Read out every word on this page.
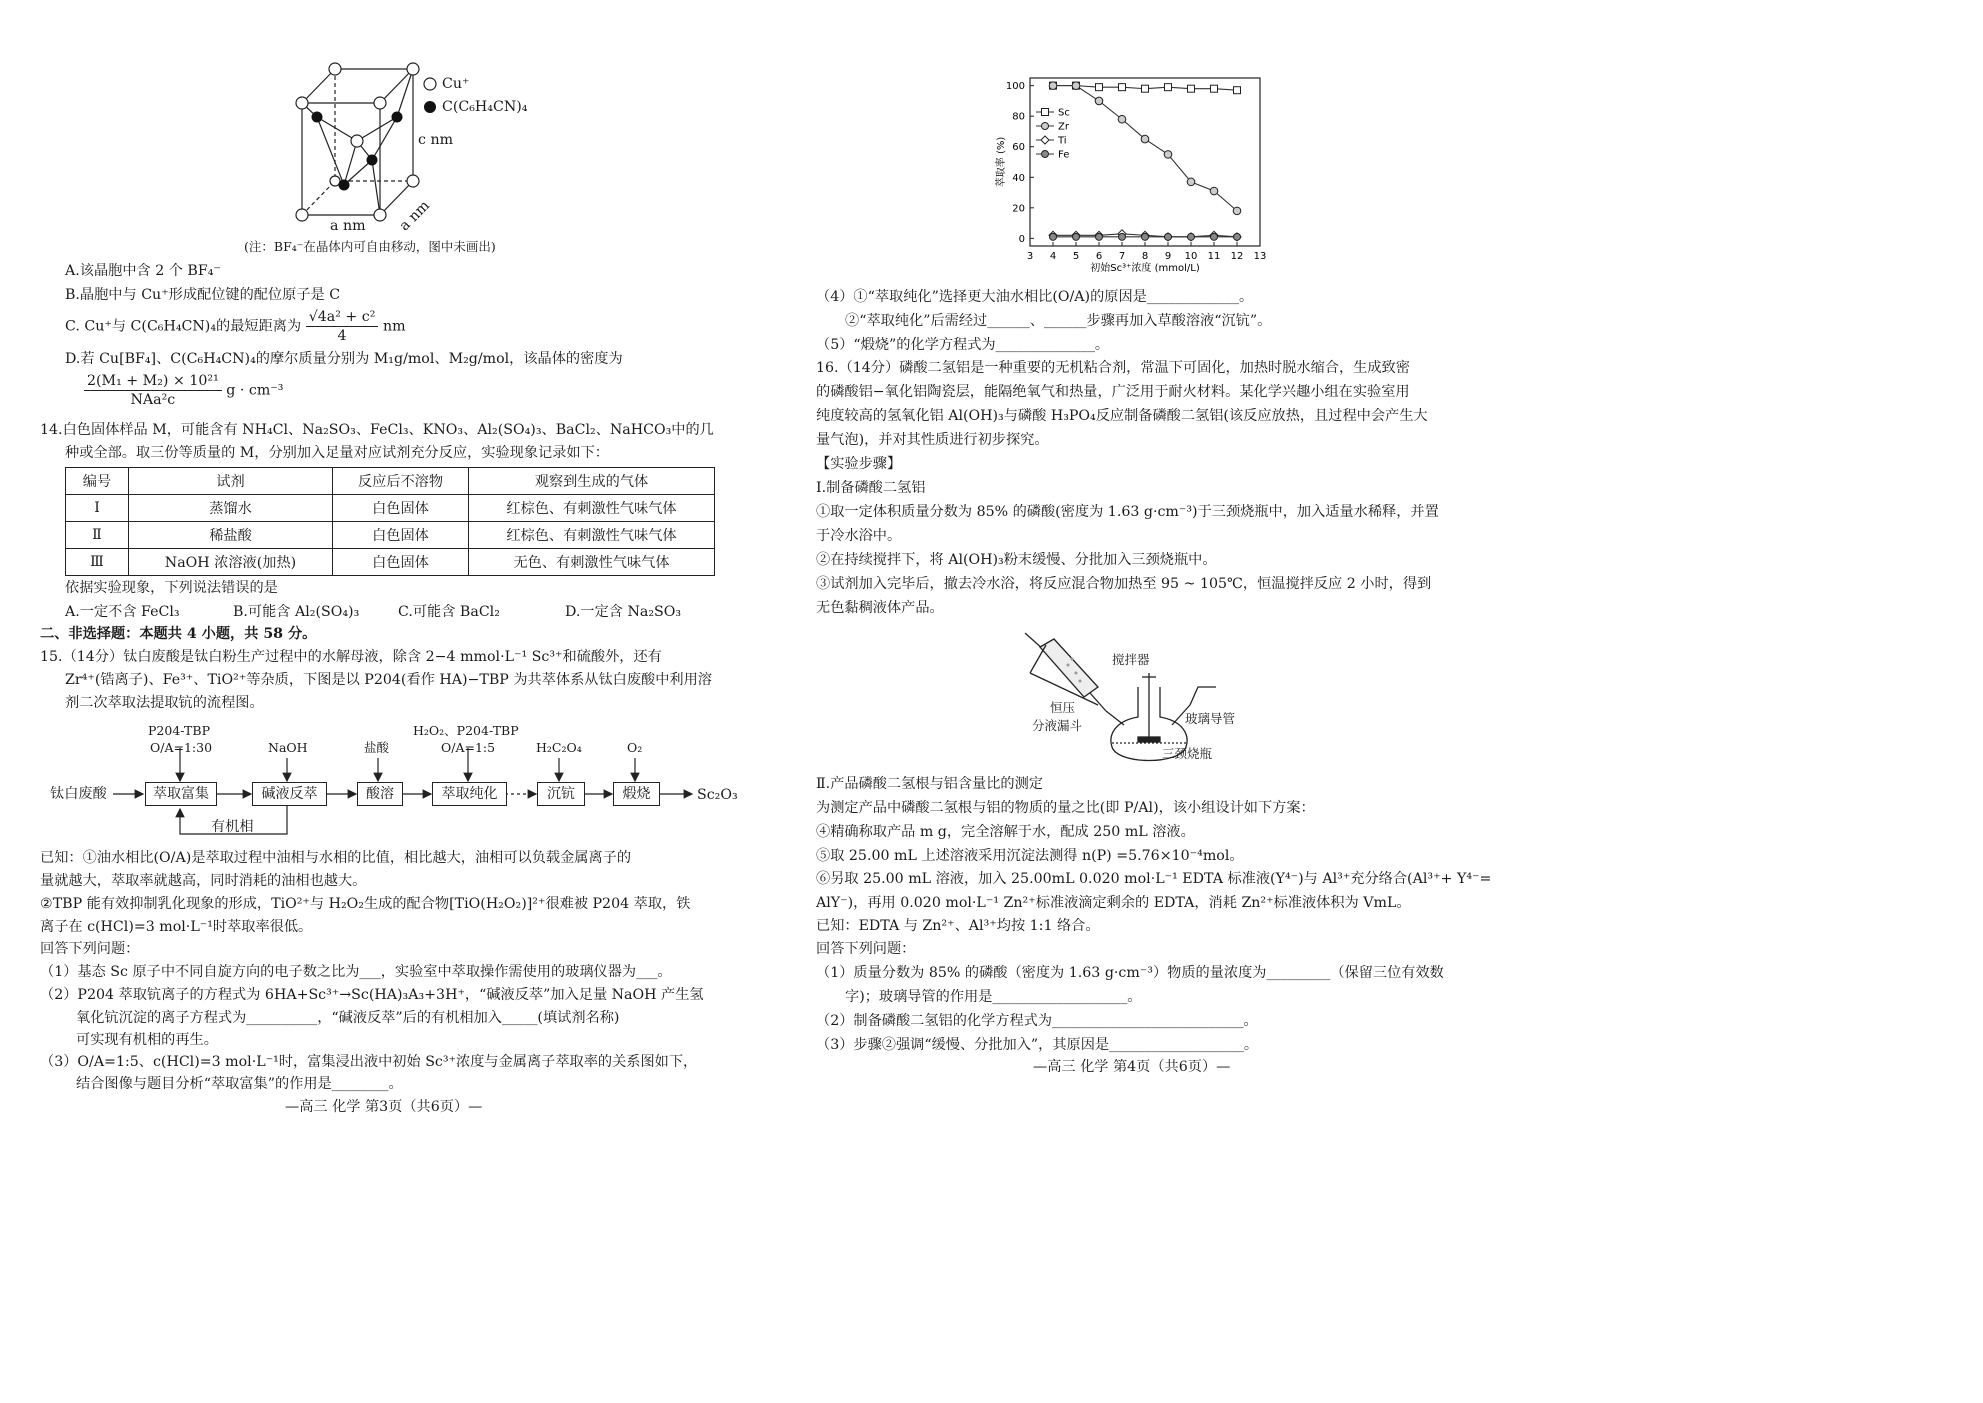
Cu⁺
C(C₆H₄CN)₄
c nm
a nm a nm
(注：BF₄⁻在晶体内可自由移动，图中未画出)
A.该晶胞中含 2 个 BF₄⁻
B.晶胞中与 Cu⁺形成配位键的配位原子是 C
C. Cu⁺与 C(C₆H₄CN)₄的最短距离为 $\frac{\text{√4a² + c²}}{4}$ nm
D.若 Cu[BF₄]、C(C₆H₄CN)₄的摩尔质量分别为 M₁g/mol、M₂g/mol，该晶体的密度为
$\frac{\text{2(M₁ + M₂) × 10²¹}}{\text{NAa²c}}$ g · cm⁻³
14.白色固体样品 M，可能含有 NH₄Cl、Na₂SO₃、FeCl₃、KNO₃、Al₂(SO₄)₃、BaCl₂、NaHCO₃中的几
种或全部。取三份等质量的 M，分别加入足量对应试剂充分反应，实验现象记录如下：
编号	试剂	反应后不溶物	观察到生成的气体
Ⅰ	蒸馏水	白色固体	红棕色、有刺激性气味气体
Ⅱ	稀盐酸	白色固体	红棕色、有刺激性气味气体
Ⅲ	NaOH 浓溶液(加热)	白色固体	无色、有刺激性气味气体
依据实验现象，下列说法错误的是
A.一定不含 FeCl₃	B.可能含 Al₂(SO₄)₃	C.可能含 BaCl₂	D.一定含 Na₂SO₃
二、非选择题：本题共 4 小题，共 58 分。
15.（14分）钛白废酸是钛白粉生产过程中的水解母液，除含 2−4 mmol·L⁻¹ Sc³⁺和硫酸外，还有
Zr⁴⁺(锆离子)、Fe³⁺、TiO²⁺等杂质，下图是以 P204(看作 HA)−TBP 为共萃体系从钛白废酸中利用溶
剂二次萃取法提取钪的流程图。
钛白废酸	萃取富集	碱液反萃	酸溶	萃取纯化	沉钪	煅烧	Sc₂O₃
P204-TBP
O/A=1:30	NaOH	盐酸
H₂O₂、P204-TBP
O/A=1:5	H₂C₂O₄	O₂
有机相
已知：①油水相比(O/A)是萃取过程中油相与水相的比值，相比越大，油相可以负载金属离子的
量就越大，萃取率就越高，同时消耗的油相也越大。
②TBP 能有效抑制乳化现象的形成，TiO²⁺与 H₂O₂生成的配合物[TiO(H₂O₂)]²⁺很难被 P204 萃取，铁
离子在 c(HCl)=3 mol·L⁻¹时萃取率很低。
回答下列问题：
（1）基态 Sc 原子中不同自旋方向的电子数之比为___，实验室中萃取操作需使用的玻璃仪器为___。
（2）P204 萃取钪离子的方程式为 6HA+Sc³⁺→Sc(HA)₃A₃+3H⁺，“碱液反萃”加入足量 NaOH 产生氢
氧化钪沉淀的离子方程式为__________，“碱液反萃”后的有机相加入_____(填试剂名称)
可实现有机相的再生。
（3）O/A=1:5、c(HCl)=3 mol·L⁻¹时，富集浸出液中初始 Sc³⁺浓度与金属离子萃取率的关系图如下，
结合图像与题目分析“萃取富集”的作用是________。
—高三 化学 第3页（共6页）—
3 4 5 6 7 8 9 10 11 12 13
0
20
40
60
80
100
初始Sc³⁺浓度 (mmol/L)
萃取率 (%)
Sc
Zr
Ti
Fe
（4）①“萃取纯化”选择更大油水相比(O/A)的原因是_____________。
②“萃取纯化”后需经过______、______步骤再加入草酸溶液“沉钪”。
（5）“煅烧”的化学方程式为______________。
16.（14分）磷酸二氢铝是一种重要的无机粘合剂，常温下可固化，加热时脱水缩合，生成致密
的磷酸铝−氧化铝陶瓷层，能隔绝氧气和热量，广泛用于耐火材料。某化学兴趣小组在实验室用
纯度较高的氢氧化铝 Al(OH)₃与磷酸 H₃PO₄反应制备磷酸二氢铝(该反应放热，且过程中会产生大
量气泡)，并对其性质进行初步探究。
【实验步骤】
Ⅰ.制备磷酸二氢铝
①取一定体积质量分数为 85% 的磷酸(密度为 1.63 g·cm⁻³)于三颈烧瓶中，加入适量水稀释，并置
于冷水浴中。
②在持续搅拌下，将 Al(OH)₃粉末缓慢、分批加入三颈烧瓶中。
③试剂加入完毕后，撤去冷水浴，将反应混合物加热至 95 ~ 105℃，恒温搅拌反应 2 小时，得到
无色黏稠液体产品。
搅拌器
恒压
分液漏斗	玻璃导管
三颈烧瓶
Ⅱ.产品磷酸二氢根与铝含量比的测定
为测定产品中磷酸二氢根与铝的物质的量之比(即 P/Al)，该小组设计如下方案：
④精确称取产品 m g，完全溶解于水，配成 250 mL 溶液。
⑤取 25.00 mL 上述溶液采用沉淀法测得 n(P) =5.76×10⁻⁴mol。
⑥另取 25.00 mL 溶液，加入 25.00mL 0.020 mol·L⁻¹ EDTA 标准液(Y⁴⁻)与 Al³⁺充分络合(Al³⁺+ Y⁴⁻=
AlY⁻)，再用 0.020 mol·L⁻¹ Zn²⁺标准液滴定剩余的 EDTA，消耗 Zn²⁺标准液体积为 VmL。
已知：EDTA 与 Zn²⁺、Al³⁺均按 1:1 络合。
回答下列问题：
（1）质量分数为 85% 的磷酸（密度为 1.63 g·cm⁻³）物质的量浓度为_________（保留三位有效数
字)；玻璃导管的作用是___________________。
（2）制备磷酸二氢铝的化学方程式为___________________________。
（3）步骤②强调“缓慢、分批加入”，其原因是___________________。
—高三 化学 第4页（共6页）—
